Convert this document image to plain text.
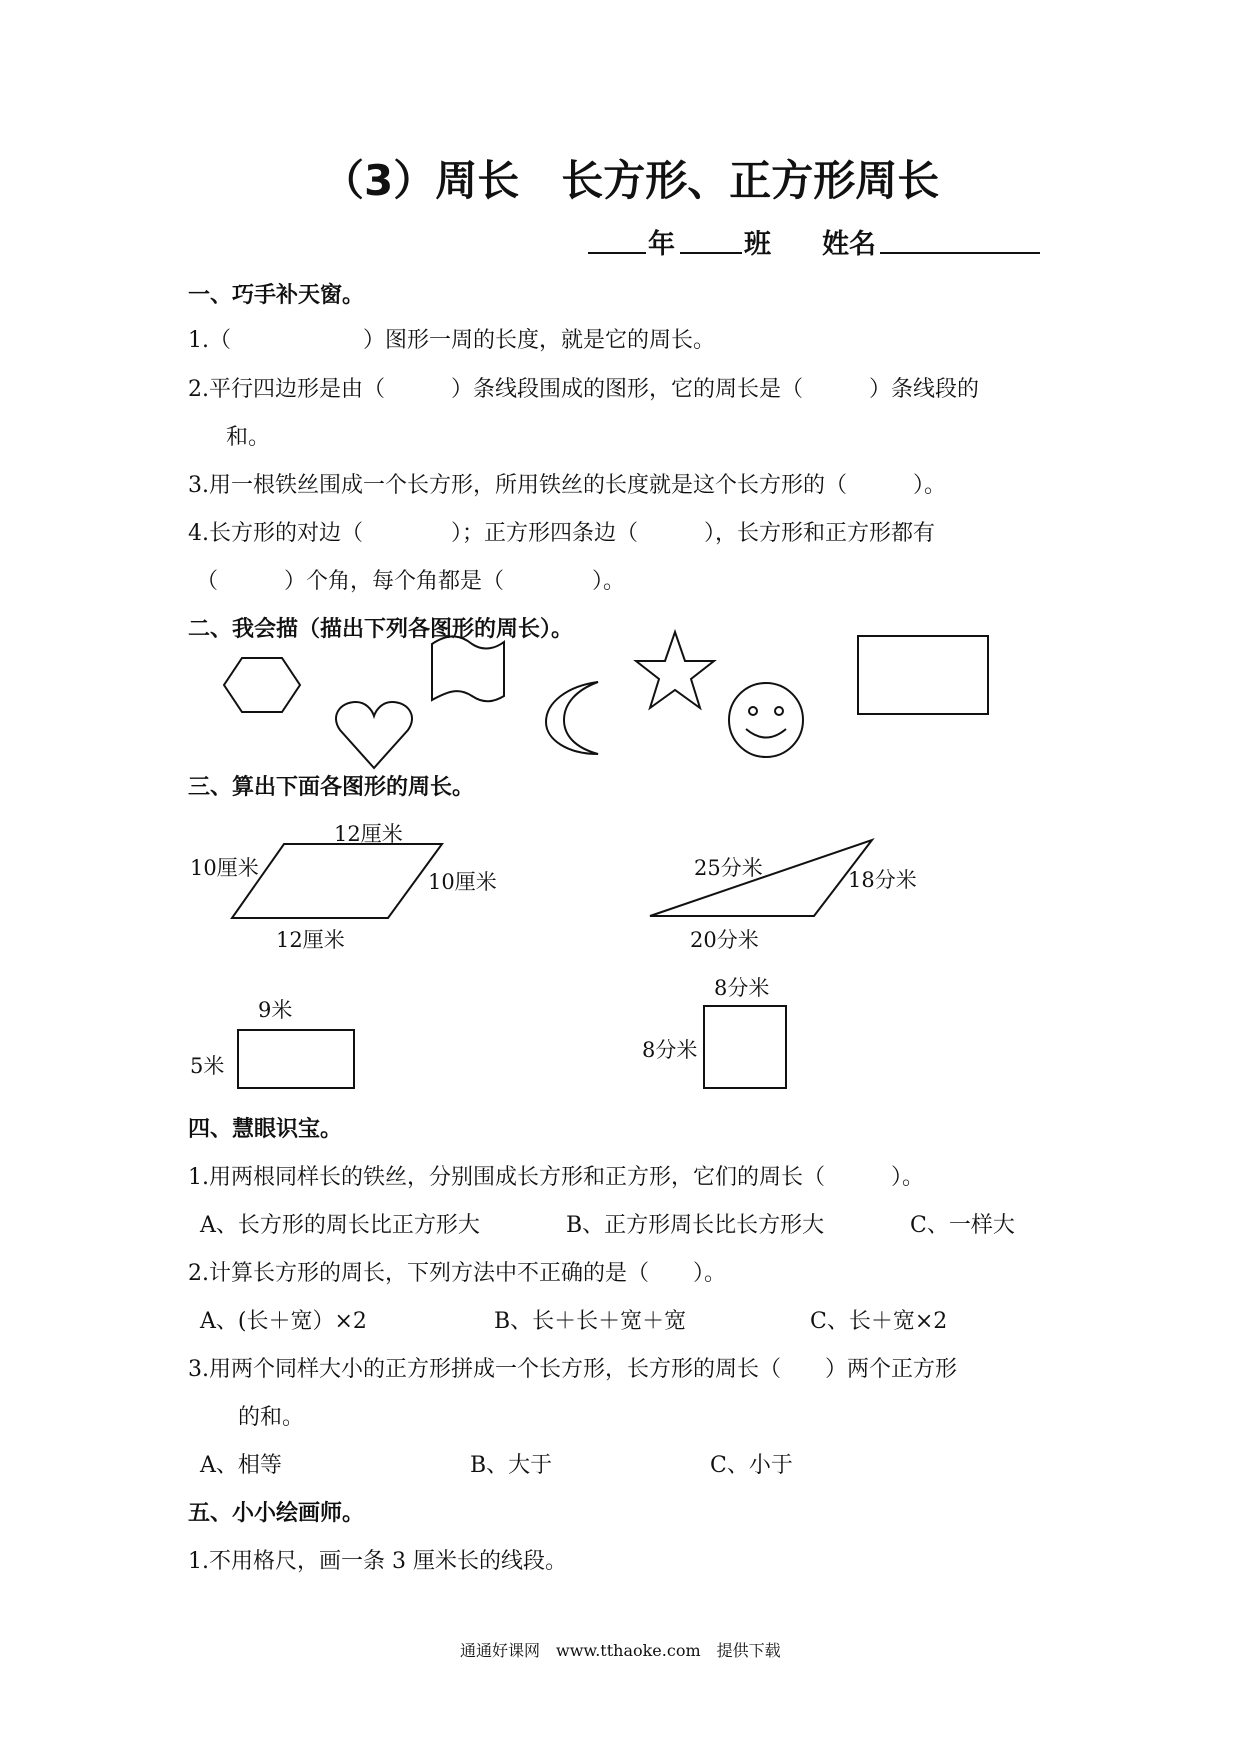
（3）周长　长方形、正方形周长
年	班 姓名
一、巧手补天窗。
1.（　　　　　　）图形一周的长度，就是它的周长。
2.平行四边形是由（　　　）条线段围成的图形，它的周长是（　　　）条线段的
和。
3.用一根铁丝围成一个长方形，所用铁丝的长度就是这个长方形的（　　　）。
4.长方形的对边（　　　　）；正方形四条边（　　　），长方形和正方形都有
（　　　）个角，每个角都是（　　　　）。
二、我会描（描出下列各图形的周长）。
三、算出下面各图形的周长。
12厘米
10厘米
10厘米
12厘米
25分米	18分米
20分米
9米
5米
8分米
8分米
四、慧眼识宝。
1.用两根同样长的铁丝，分别围成长方形和正方形，它们的周长（　　　）。
A、长方形的周长比正方形大	B、正方形周长比长方形大	C、一样大
2.计算长方形的周长，下列方法中不正确的是（　　）。
A、(长＋宽）×2	B、长＋长＋宽＋宽	C、长＋宽×2
3.用两个同样大小的正方形拼成一个长方形，长方形的周长（　　）两个正方形
的和。
A、相等	B、大于	C、小于
五、小小绘画师。
1.不用格尺，画一条 3 厘米长的线段。
通通好课网　www.tthaoke.com　提供下载
